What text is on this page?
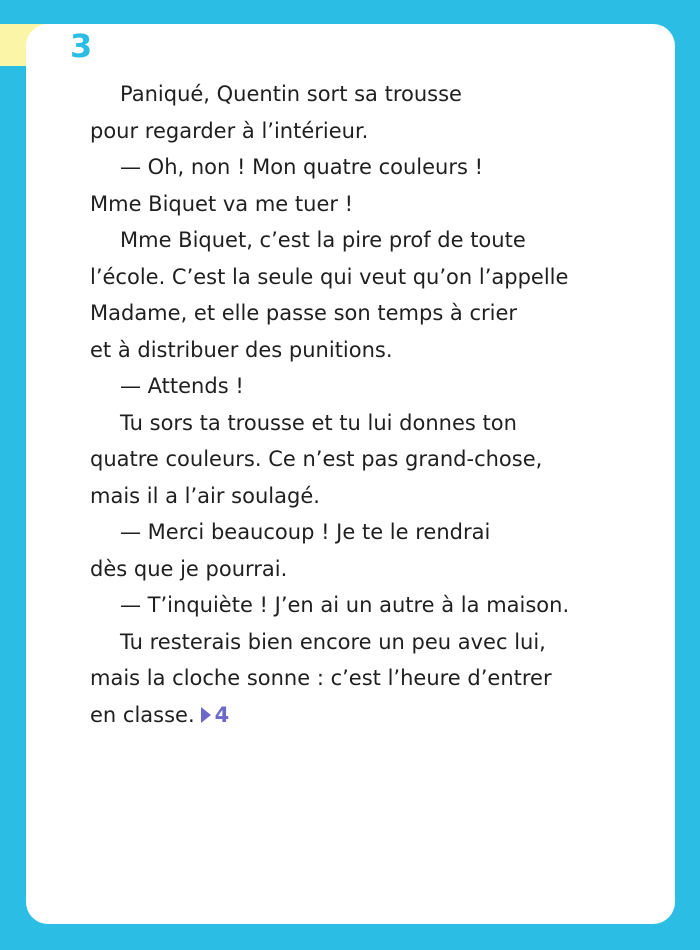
3
Paniqué, Quentin sort sa trousse
pour regarder à l’intérieur.
— Oh, non ! Mon quatre couleurs !
Mme Biquet va me tuer !
Mme Biquet, c’est la pire prof de toute
l’école. C’est la seule qui veut qu’on l’appelle
Madame, et elle passe son temps à crier
et à distribuer des punitions.
— Attends !
Tu sors ta trousse et tu lui donnes ton
quatre couleurs. Ce n’est pas grand-chose,
mais il a l’air soulagé.
— Merci beaucoup ! Je te le rendrai
dès que je pourrai.
— T’inquiète ! J’en ai un autre à la maison.
Tu resterais bien encore un peu avec lui,
mais la cloche sonne : c’est l’heure d’entrer
en classe. 4
